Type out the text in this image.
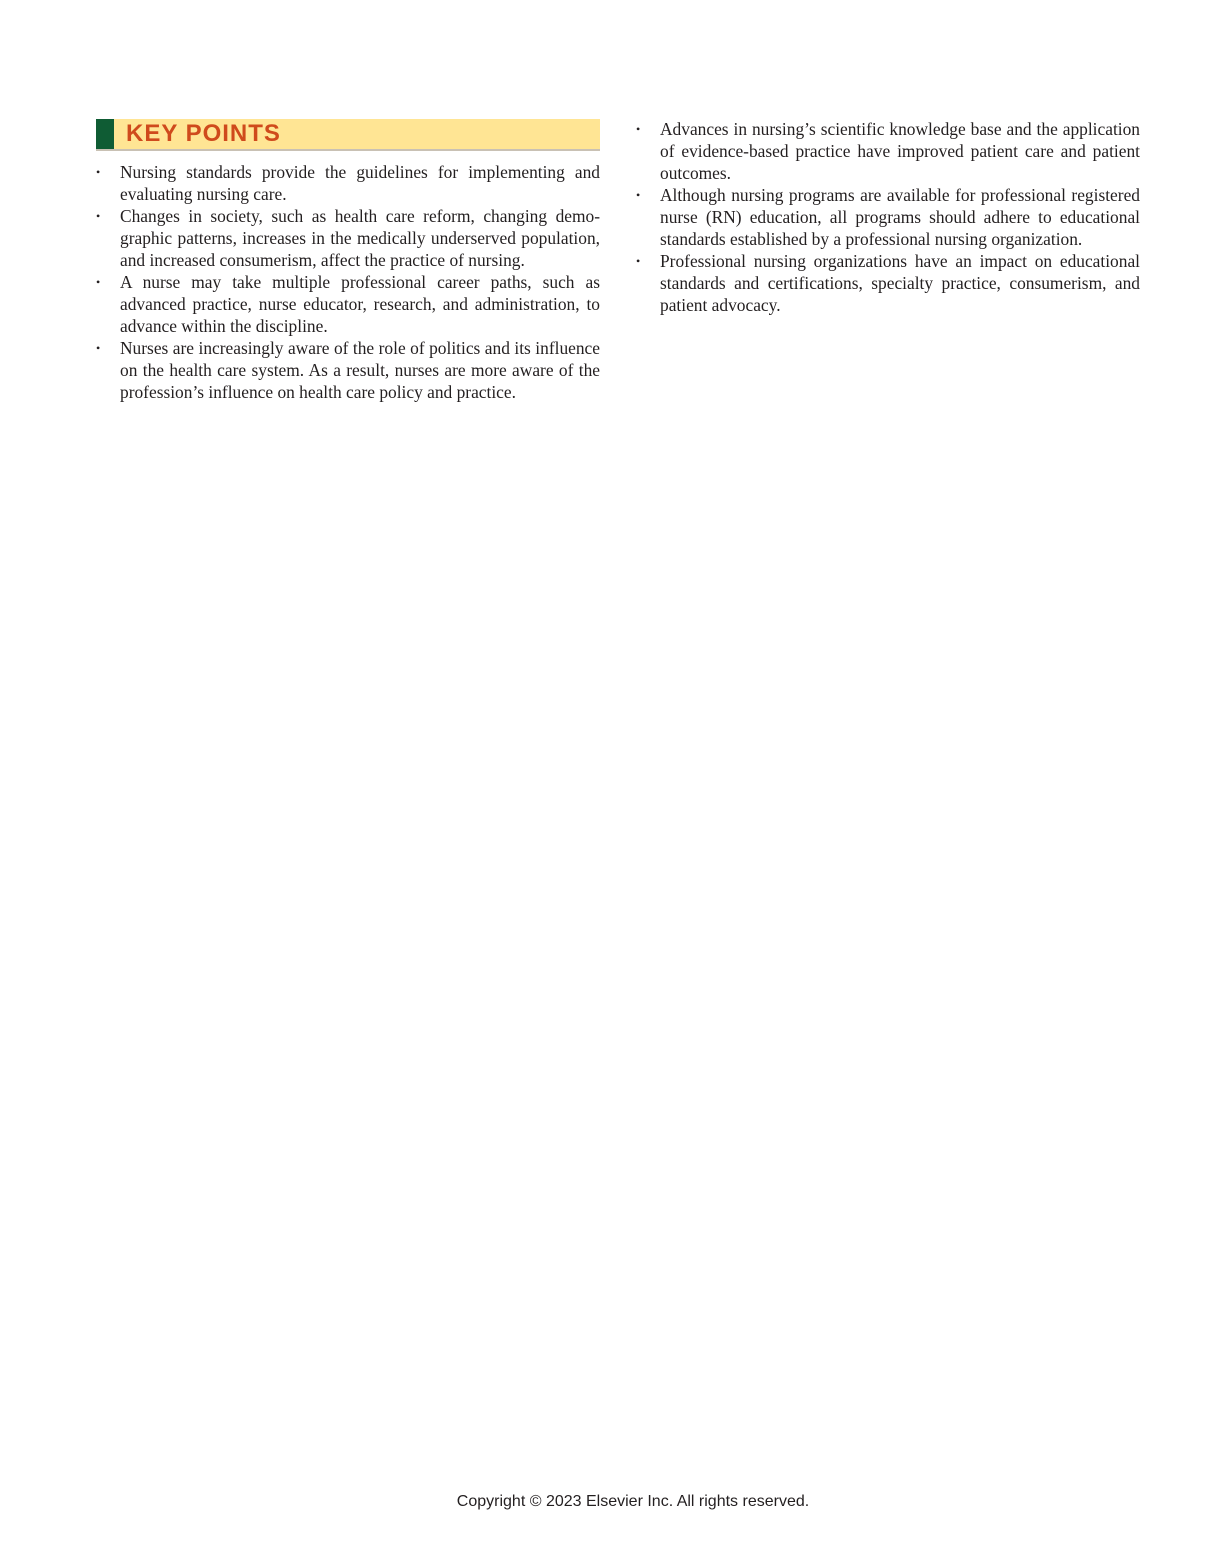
KEY POINTS
•	Nursing standards provide the guidelines for implementing and evaluating nursing care.
•	Changes in society, such as health care reform, changing demographic patterns, increases in the medically underserved population, and increased consumerism, affect the practice of nursing.
•	A nurse may take multiple professional career paths, such as advanced practice, nurse educator, research, and administration, to advance within the discipline.
•	Nurses are increasingly aware of the role of politics and its influence on the health care system. As a result, nurses are more aware of the profession’s influence on health care policy and practice.
•	Advances in nursing’s scientific knowledge base and the application of evidence-based practice have improved patient care and patient outcomes.
•	Although nursing programs are available for professional registered nurse (RN) education, all programs should adhere to educational standards established by a professional nursing organization.
•	Professional nursing organizations have an impact on educational standards and certifications, specialty practice, consumerism, and patient advocacy.
Copyright © 2023 Elsevier Inc. All rights reserved.
